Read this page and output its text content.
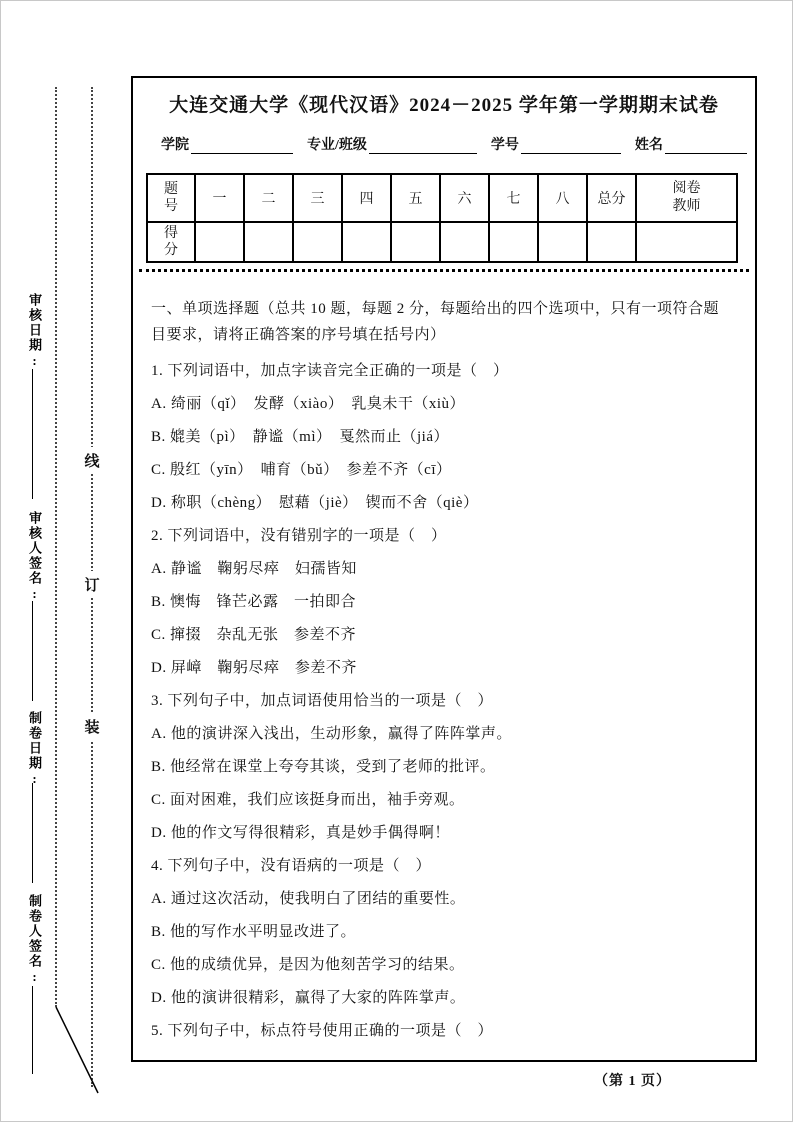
审核日期:
审核人签名:
制卷日期:
制卷人签名:
线
订
装
大连交通大学《现代汉语》2024－2025 学年第一学期期末试卷
学院	专业/班级	学号	姓名
题号	一	二	三	四	五	六	七	八	总分	阅卷教师
得分										

一、单项选择题（总共 10 题，每题 2 分，每题给出的四个选项中，只有一项符合题目要求，请将正确答案的序号填在括号内）

1. 下列词语中，加点字读音完全正确的一项是（　）
A. 绮丽（qǐ）　发酵（xiào）　乳臭未干（xiù）
B. 媲美（pì）　静谧（mì）　戛然而止（jiá）
C. 殷红（yīn）　哺育（bǔ）　参差不齐（cī）
D. 称职（chèng）　慰藉（jiè）　锲而不舍（qiè）
2. 下列词语中，没有错别字的一项是（　）
A. 静谧　鞠躬尽瘁　妇孺皆知
B. 懊悔　锋芒必露　一拍即合
C. 撺掇　杂乱无张　参差不齐
D. 屏嶂　鞠躬尽瘁　参差不齐
3. 下列句子中，加点词语使用恰当的一项是（　）
A. 他的演讲深入浅出，生动形象，赢得了阵阵掌声。
B. 他经常在课堂上夸夸其谈，受到了老师的批评。
C. 面对困难，我们应该挺身而出，袖手旁观。
D. 他的作文写得很精彩，真是妙手偶得啊！
4. 下列句子中，没有语病的一项是（　）
A. 通过这次活动，使我明白了团结的重要性。
B. 他的写作水平明显改进了。
C. 他的成绩优异，是因为他刻苦学习的结果。
D. 他的演讲很精彩，赢得了大家的阵阵掌声。
5. 下列句子中，标点符号使用正确的一项是（　）
（第 1 页）
